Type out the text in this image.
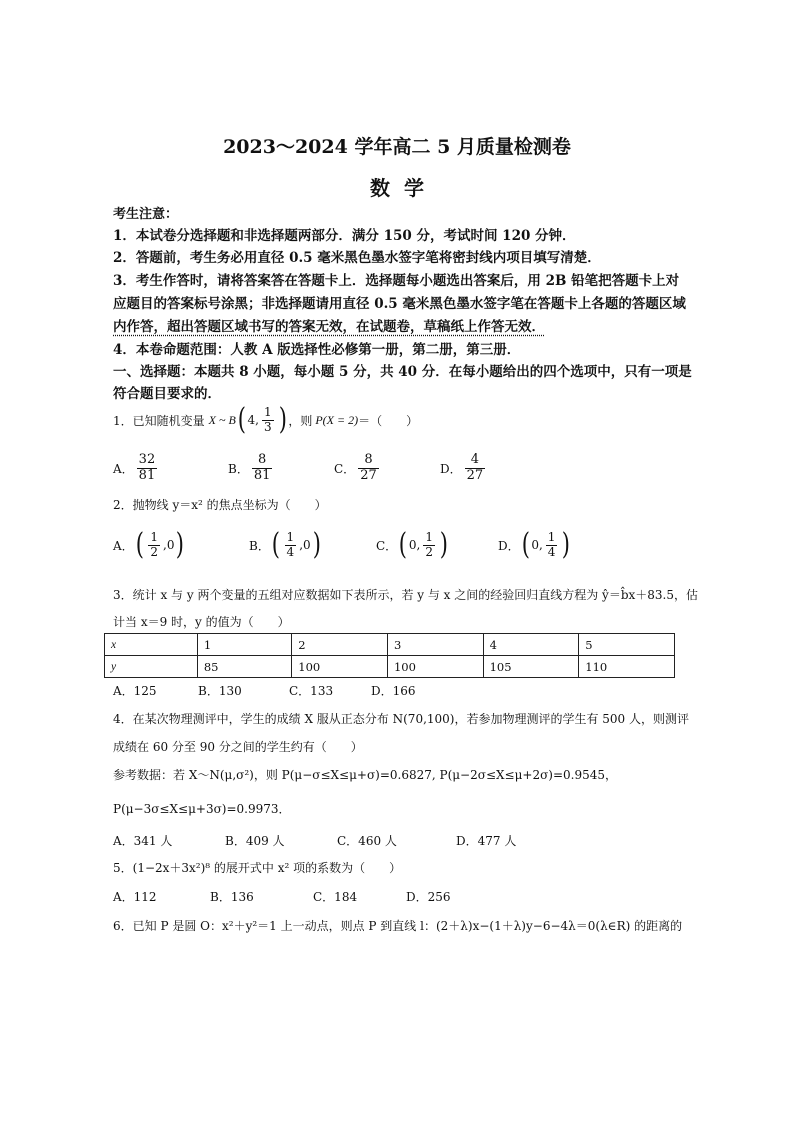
2023～2024 学年高二 5 月质量检测卷
数学
考生注意：
1．本试卷分选择题和非选择题两部分．满分 150 分，考试时间 120 分钟．
2．答题前，考生务必用直径 0.5 毫米黑色墨水签字笔将密封线内项目填写清楚．
3．考生作答时，请将答案答在答题卡上．选择题每小题选出答案后，用 2B 铅笔把答题卡上对
应题目的答案标号涂黑；非选择题请用直径 0.5 毫米黑色墨水签字笔在答题卡上各题的答题区域
内作答，超出答题区域书写的答案无效，在试题卷，草稿纸上作答无效．
4．本卷命题范围：人教 A 版选择性必修第一册，第二册，第三册．
一、选择题：本题共 8 小题，每小题 5 分，共 40 分．在每小题给出的四个选项中，只有一项是
符合题目要求的．
1．已知随机变量 X ~ B ( 4, $\frac{1}{3}$ ) ，则 P(X = 2) ＝（　　）
A． $\frac{32}{81}$	B． $\frac{8}{81}$	C． $\frac{8}{27}$	D． $\frac{4}{27}$
2．抛物线 y＝x² 的焦点坐标为（　　）
A． ( $\frac{1}{2} ,0$ )	B． ( $\frac{1}{4} ,0$ )	C． ( 0, $\frac{1}{2}$ )	D． ( 0, $\frac{1}{4}$ )
3．统计 x 与 y 两个变量的五组对应数据如下表所示，若 y 与 x 之间的经验回归直线方程为 ŷ＝b̂x＋83.5，估
计当 x＝9 时，y 的值为（　　）
x	1	2	3	4	5
y	85	100	100	105	110
A．125	B．130	C．133	D．166
4．在某次物理测评中，学生的成绩 X 服从正态分布 N(70,100)，若参加物理测评的学生有 500 人，则测评
成绩在 60 分至 90 分之间的学生约有（　　）
参考数据：若 X～N(μ,σ²)，则 P(μ−σ≤X≤μ+σ)=0.6827, P(μ−2σ≤X≤μ+2σ)=0.9545，
P(μ−3σ≤X≤μ+3σ)=0.9973．
A．341 人	B．409 人	C．460 人	D．477 人
5．(1−2x＋3x²)⁸ 的展开式中 x² 项的系数为（　　）
A．112	B．136	C．184	D．256
6．已知 P 是圆 O：x²＋y²＝1 上一动点，则点 P 到直线 l：(2＋λ)x−(1＋λ)y−6−4λ＝0(λ∈R) 的距离的
